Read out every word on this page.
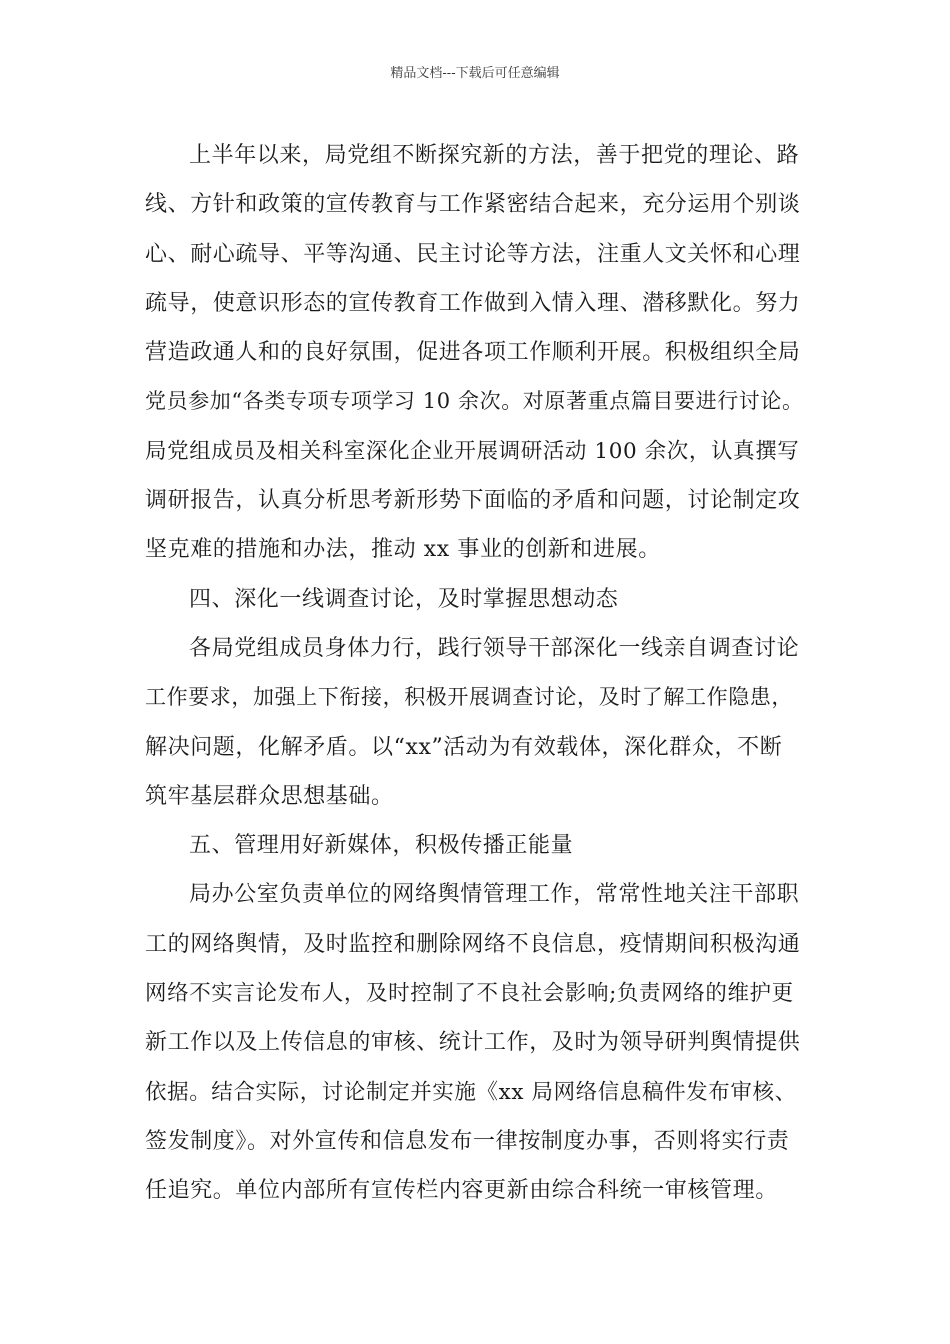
精品文档---下载后可任意编辑
上半年以来，局党组不断探究新的方法，善于把党的理论、路
线、方针和政策的宣传教育与工作紧密结合起来，充分运用个别谈
心、耐心疏导、平等沟通、民主讨论等方法，注重人文关怀和心理
疏导，使意识形态的宣传教育工作做到入情入理、潜移默化。努力
营造政通人和的良好氛围，促进各项工作顺利开展。积极组织全局
党员参加“各类专项专项学习 10 余次。对原著重点篇目要进行讨论。
局党组成员及相关科室深化企业开展调研活动 100 余次，认真撰写
调研报告，认真分析思考新形势下面临的矛盾和问题，讨论制定攻
坚克难的措施和办法，推动 xx 事业的创新和进展。
四、深化一线调查讨论，及时掌握思想动态
各局党组成员身体力行，践行领导干部深化一线亲自调查讨论
工作要求，加强上下衔接，积极开展调查讨论，及时了解工作隐患，
解决问题，化解矛盾。以“xx”活动为有效载体，深化群众，不断
筑牢基层群众思想基础。
五、管理用好新媒体，积极传播正能量
局办公室负责单位的网络舆情管理工作，常常性地关注干部职
工的网络舆情，及时监控和删除网络不良信息，疫情期间积极沟通
网络不实言论发布人，及时控制了不良社会影响;负责网络的维护更
新工作以及上传信息的审核、统计工作，及时为领导研判舆情提供
依据。结合实际，讨论制定并实施《xx 局网络信息稿件发布审核、
签发制度》。对外宣传和信息发布一律按制度办事，否则将实行责
任追究。单位内部所有宣传栏内容更新由综合科统一审核管理。
